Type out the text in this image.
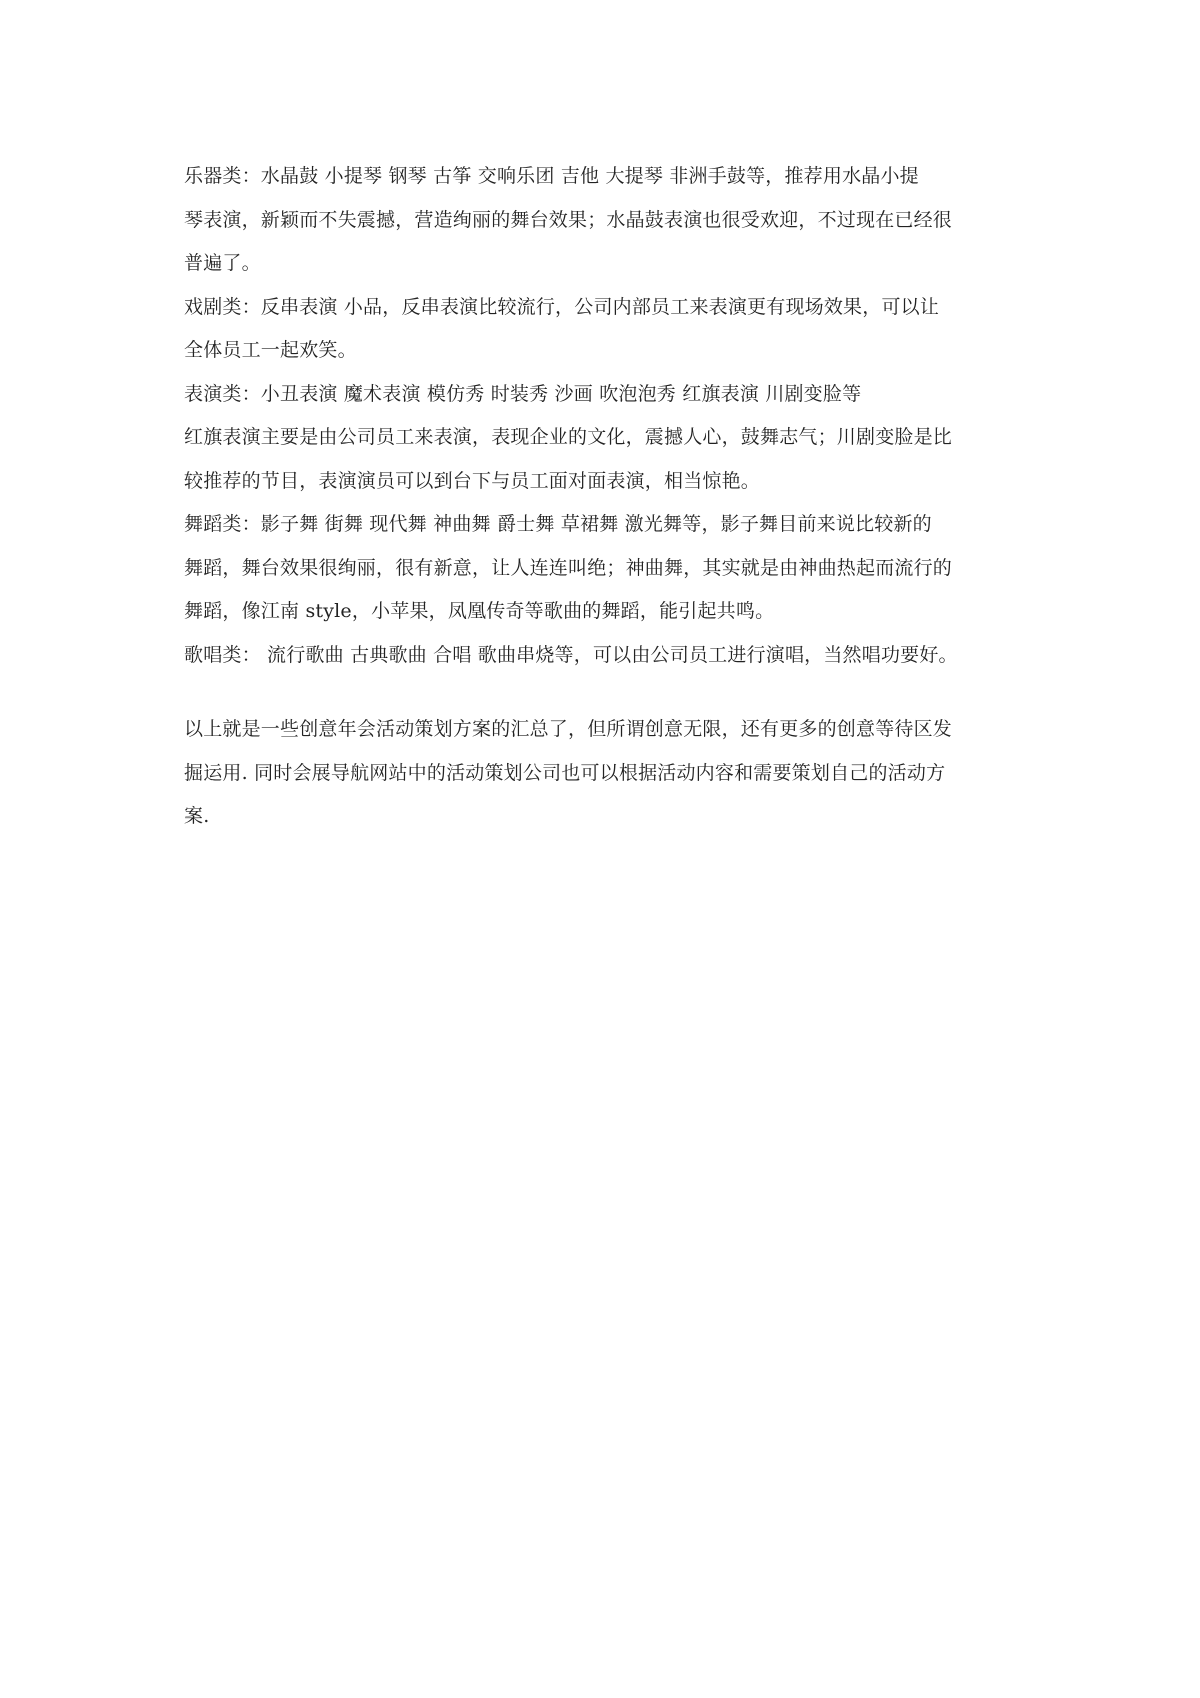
乐器类：水晶鼓 小提琴 钢琴 古筝 交响乐团 吉他 大提琴 非洲手鼓等，推荐用水晶小提
琴表演，新颖而不失震撼，营造绚丽的舞台效果；水晶鼓表演也很受欢迎，不过现在已经很
普遍了。
戏剧类：反串表演 小品，反串表演比较流行，公司内部员工来表演更有现场效果，可以让
全体员工一起欢笑。
表演类：小丑表演 魔术表演 模仿秀 时装秀 沙画 吹泡泡秀 红旗表演 川剧变脸等
红旗表演主要是由公司员工来表演，表现企业的文化，震撼人心，鼓舞志气；川剧变脸是比
较推荐的节目，表演演员可以到台下与员工面对面表演，相当惊艳。
舞蹈类：影子舞 街舞 现代舞 神曲舞 爵士舞 草裙舞 激光舞等，影子舞目前来说比较新的
舞蹈，舞台效果很绚丽，很有新意，让人连连叫绝；神曲舞，其实就是由神曲热起而流行的
舞蹈，像江南 style，小苹果，凤凰传奇等歌曲的舞蹈，能引起共鸣。
歌唱类： 流行歌曲 古典歌曲 合唱 歌曲串烧等，可以由公司员工进行演唱，当然唱功要好。
以上就是一些创意年会活动策划方案的汇总了，但所谓创意无限，还有更多的创意等待区发
掘运用. 同时会展导航网站中的活动策划公司也可以根据活动内容和需要策划自己的活动方
案.
